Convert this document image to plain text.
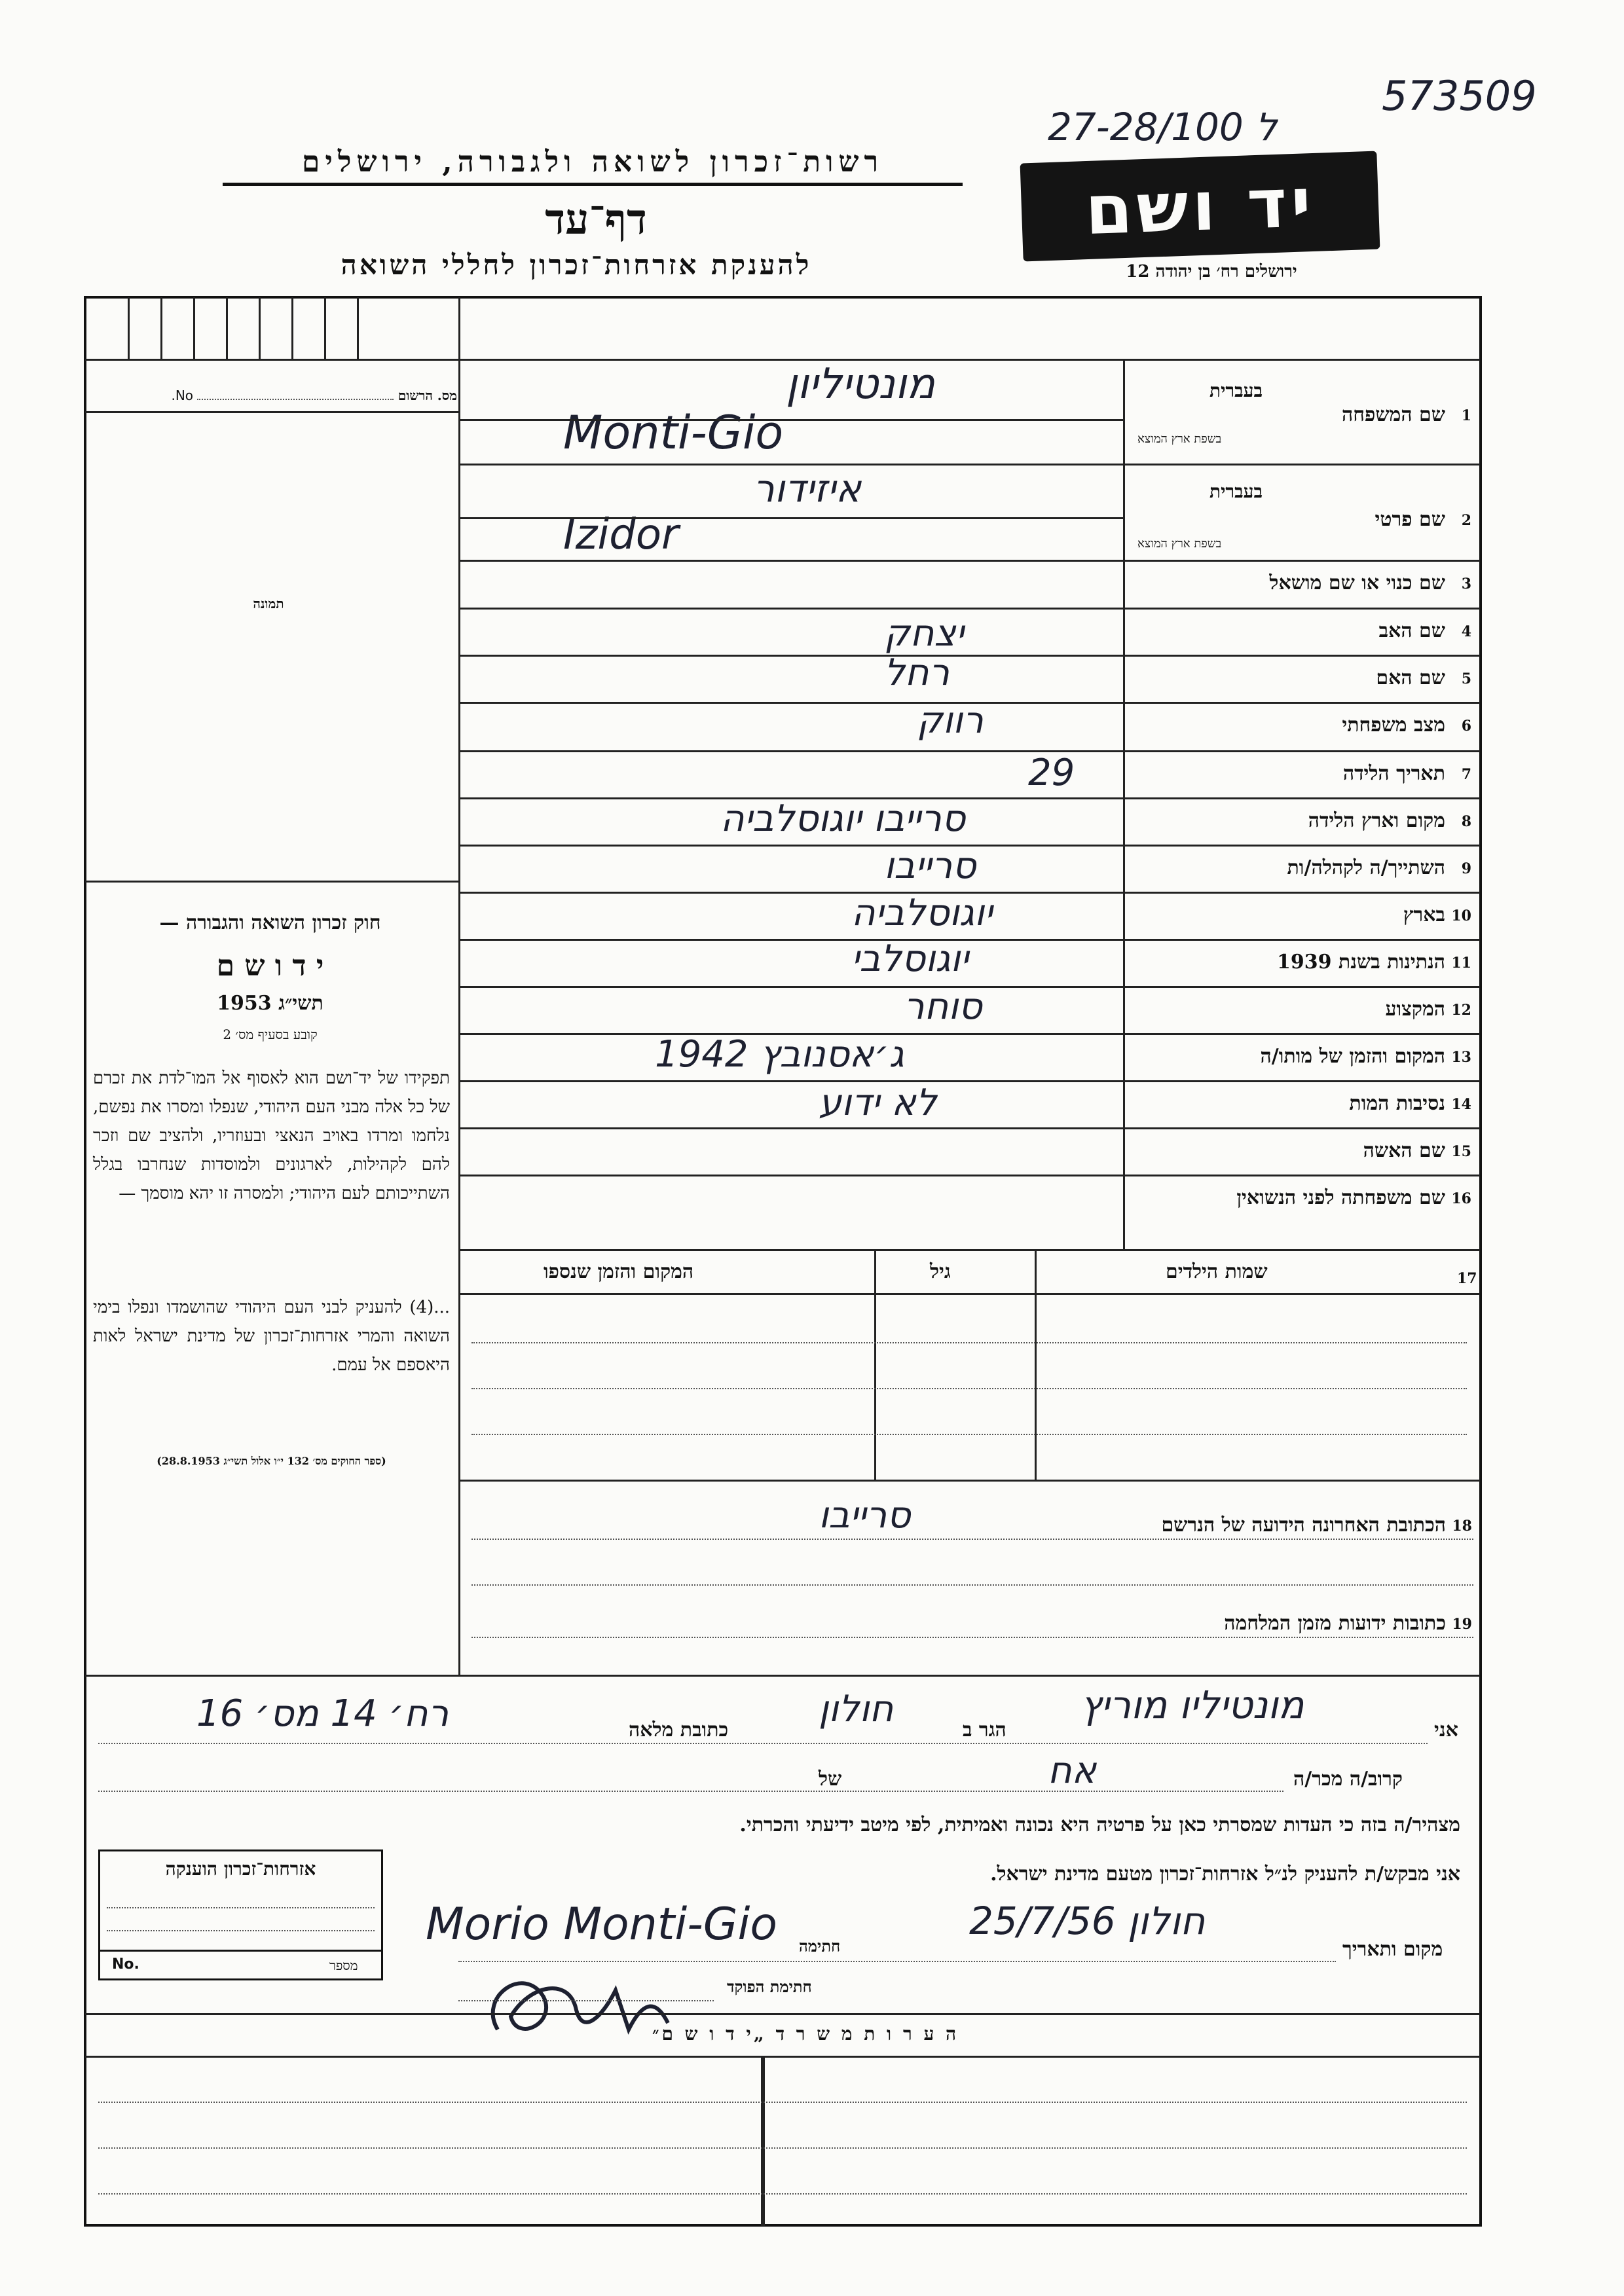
573509
27-28/100 ל
רשות־זכרון לשואה ולגבורה, ירושלים
דף־עד
להענקת אזרחות־זכרון לחללי השואה
יד ושם
ירושלים רח׳ בן יהודה 12
מס. הרשום  No.
תמונה
חוק זכרון השואה והגבורה —
י ד ו ש ם
תשי״ג 1953
קובע בסעיף מס׳ 2
תפקידו של יד־ושם הוא לאסוף אל המו־לדת את זכרם של כל אלה מבני העם היהודי, שנפלו ומסרו את נפשם, נלחמו ומרדו באויב הנאצי ובעוזריו, ולהציב שם וזכר להם לקהילות, לארגונים ולמוסדות שנחרבו בגלל השתייכותם לעם היהודי; ולמסרה זו יהא מוסמך —
...(4) להעניק לבני העם היהודי שהושמדו ונפלו בימי השואה והמרי אזרחות־זכרון של מדינת ישראל לאות היאספם אל עמם.
(ספר החוקים מס׳ 132 י״ו אלול תשי״ג 28.8.1953)
1
שם המשפחה
בעברית
בשפת ארץ המוצא
מונטיליון
Monti-Gio
2
שם פרטי
בעברית
בשפת ארץ המוצא
איזידור
Izidor
3
שם כנוי או שם מושאל
4
שם האב
יצחק
5
שם האם
רחל
6
מצב משפחתי
רווק
7
תאריך הלידה
29
8
מקום וארץ הלידה
סרייבו יוגוסלביה
9
השתייך/ה לקהלה/ות
סרייבו
10
בארץ
יוגוסלביה
11
הנתינות בשנת 1939
יוגוסלבי
12
המקצוע
סוחר
13
המקום והזמן של מותו/ה
ג׳אסנובץ 1942
14
נסיבות המות
לא ידוע
15
שם האשה
16
שם משפחתה לפני הנשואין
17
שמות הילדים
גיל
המקום והזמן שנספו
18
הכתובת האחרונה הידועה של הנרשם
סרייבו
19
כתובות ידועות מזמן המלחמה
אני
מונטיליו מוריץ
הגר ב
חולון
כתובת מלאה
רח׳ 14 מס׳ 16
קרוב/ה מכר/ה
אח
של
מצהיר/ה בזה כי העדות שמסרתי כאן על פרטיה היא נכונה ואמיתית, לפי מיטב ידיעתי והכרתי.
אני מבקש/ת להעניק לנ״ל אזרחות־זכרון מטעם מדינת ישראל.
מקום ותאריך
חולון 25/7/56
חתימה
Morio Monti-Gio
חתימת הפוקד
אזרחות־זכרון הוענקה
No.	מספר
ה ע ר ו ת מ ש ר ד „י ד ו ש ם״
